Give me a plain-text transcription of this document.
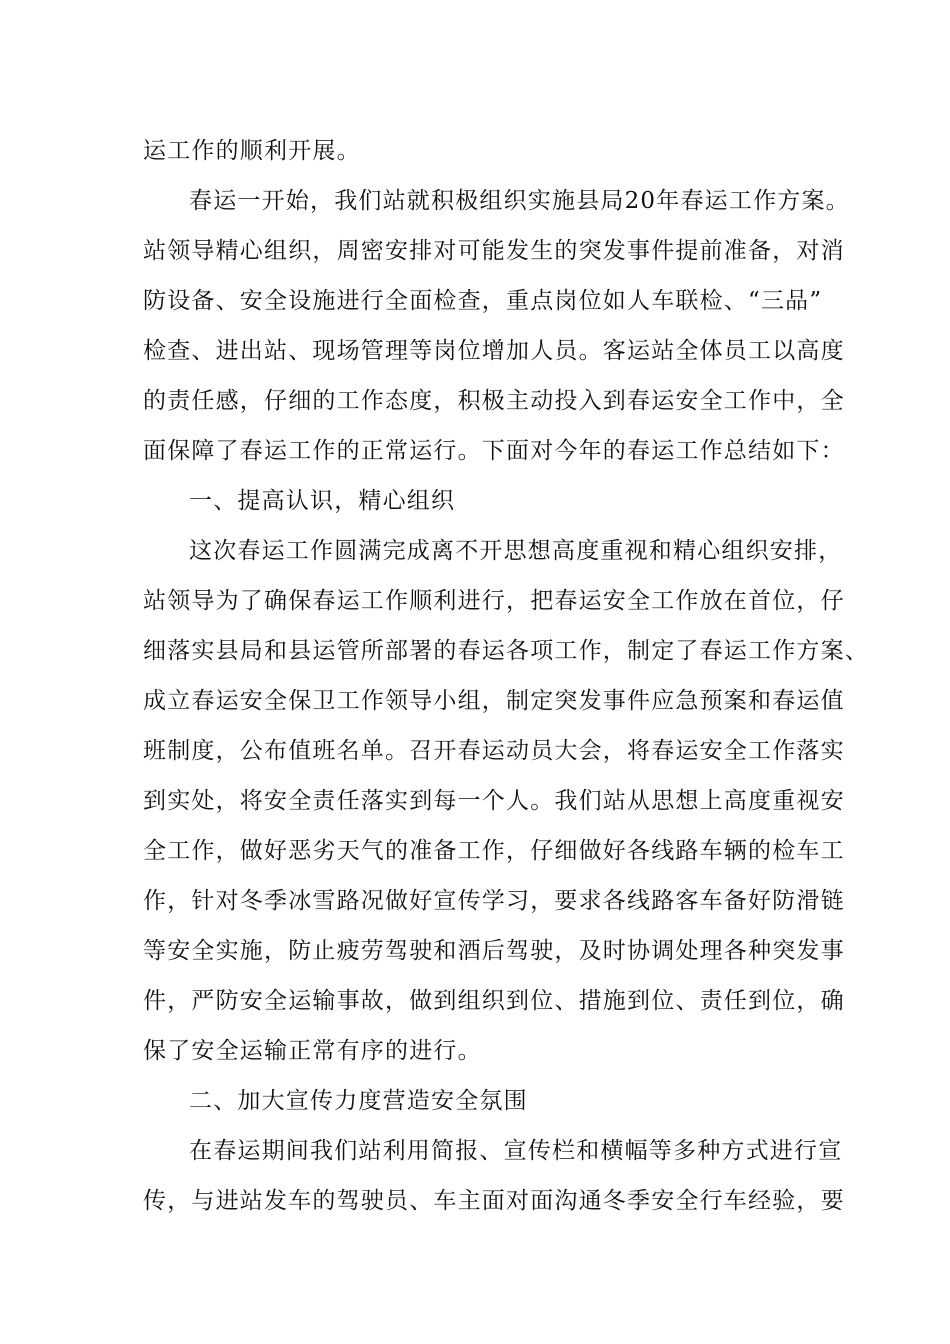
运工作的顺利开展。
春运一开始，我们站就积极组织实施县局20年春运工作方案。
站领导精心组织，周密安排对可能发生的突发事件提前准备，对消
防设备、安全设施进行全面检查，重点岗位如人车联检、“三品”
检查、进出站、现场管理等岗位增加人员。客运站全体员工以高度
的责任感，仔细的工作态度，积极主动投入到春运安全工作中，全
面保障了春运工作的正常运行。下面对今年的春运工作总结如下：
一、提高认识，精心组织
这次春运工作圆满完成离不开思想高度重视和精心组织安排，
站领导为了确保春运工作顺利进行，把春运安全工作放在首位，仔
细落实县局和县运管所部署的春运各项工作，制定了春运工作方案、
成立春运安全保卫工作领导小组，制定突发事件应急预案和春运值
班制度，公布值班名单。召开春运动员大会，将春运安全工作落实
到实处，将安全责任落实到每一个人。我们站从思想上高度重视安
全工作，做好恶劣天气的准备工作，仔细做好各线路车辆的检车工
作，针对冬季冰雪路况做好宣传学习，要求各线路客车备好防滑链
等安全实施，防止疲劳驾驶和酒后驾驶，及时协调处理各种突发事
件，严防安全运输事故，做到组织到位、措施到位、责任到位，确
保了安全运输正常有序的进行。
二、加大宣传力度营造安全氛围
在春运期间我们站利用简报、宣传栏和横幅等多种方式进行宣
传，与进站发车的驾驶员、车主面对面沟通冬季安全行车经验，要
